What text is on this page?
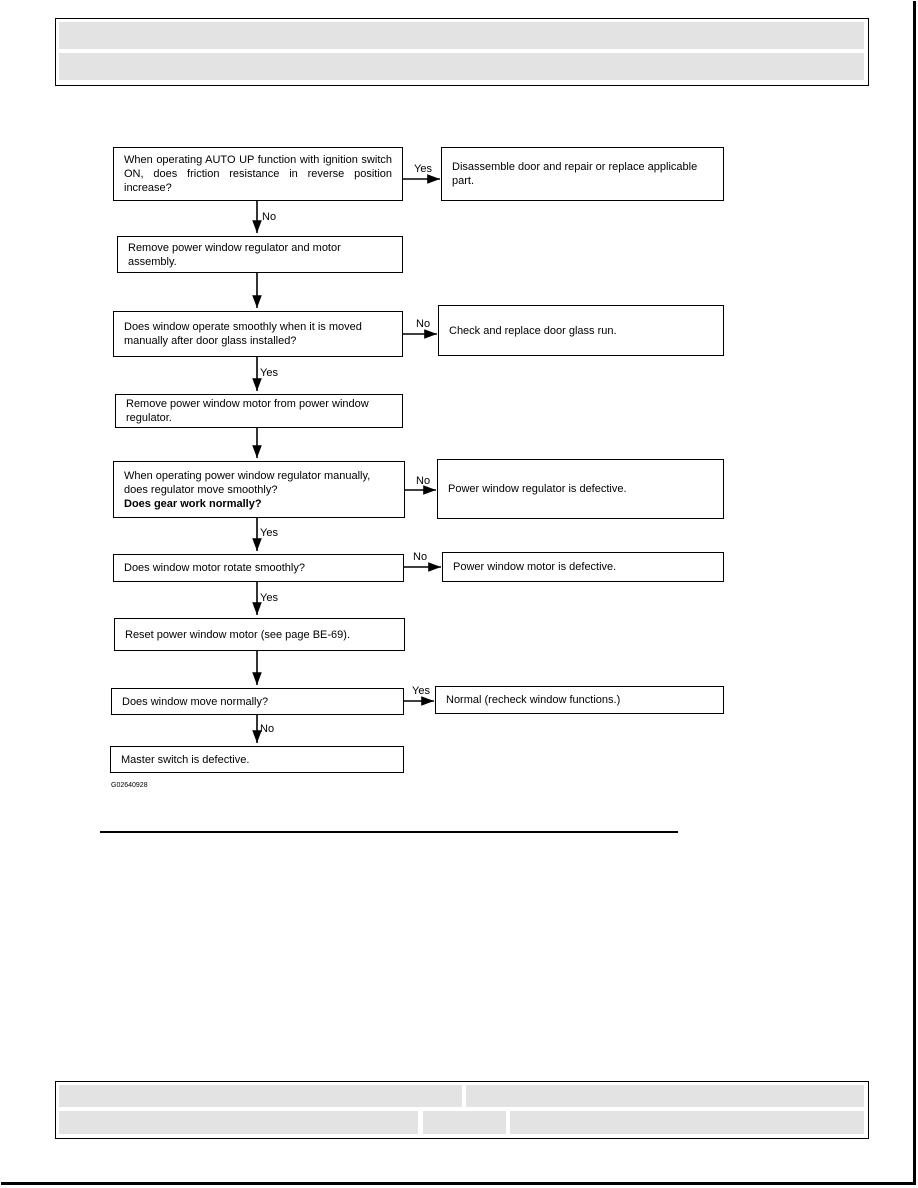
When operating AUTO UP function with ignition switch ON, does friction resistance in reverse position increase?
Remove power window regulator and motor assembly.
Does window operate smoothly when it is moved manually after door glass installed?
Remove power window motor from power window regulator.
When operating power window regulator manually, does regulator move smoothly?
Does gear work normally?
Does window motor rotate smoothly?
Reset power window motor (see page BE-69).
Does window move normally?
Master switch is defective.
Disassemble door and repair or replace applicable part.
Check and replace door glass run.
Power window regulator is defective.
Power window motor is defective.
Normal (recheck window functions.)
Yes
No
No
Yes
No
Yes
No
Yes
Yes
No
G02640928
